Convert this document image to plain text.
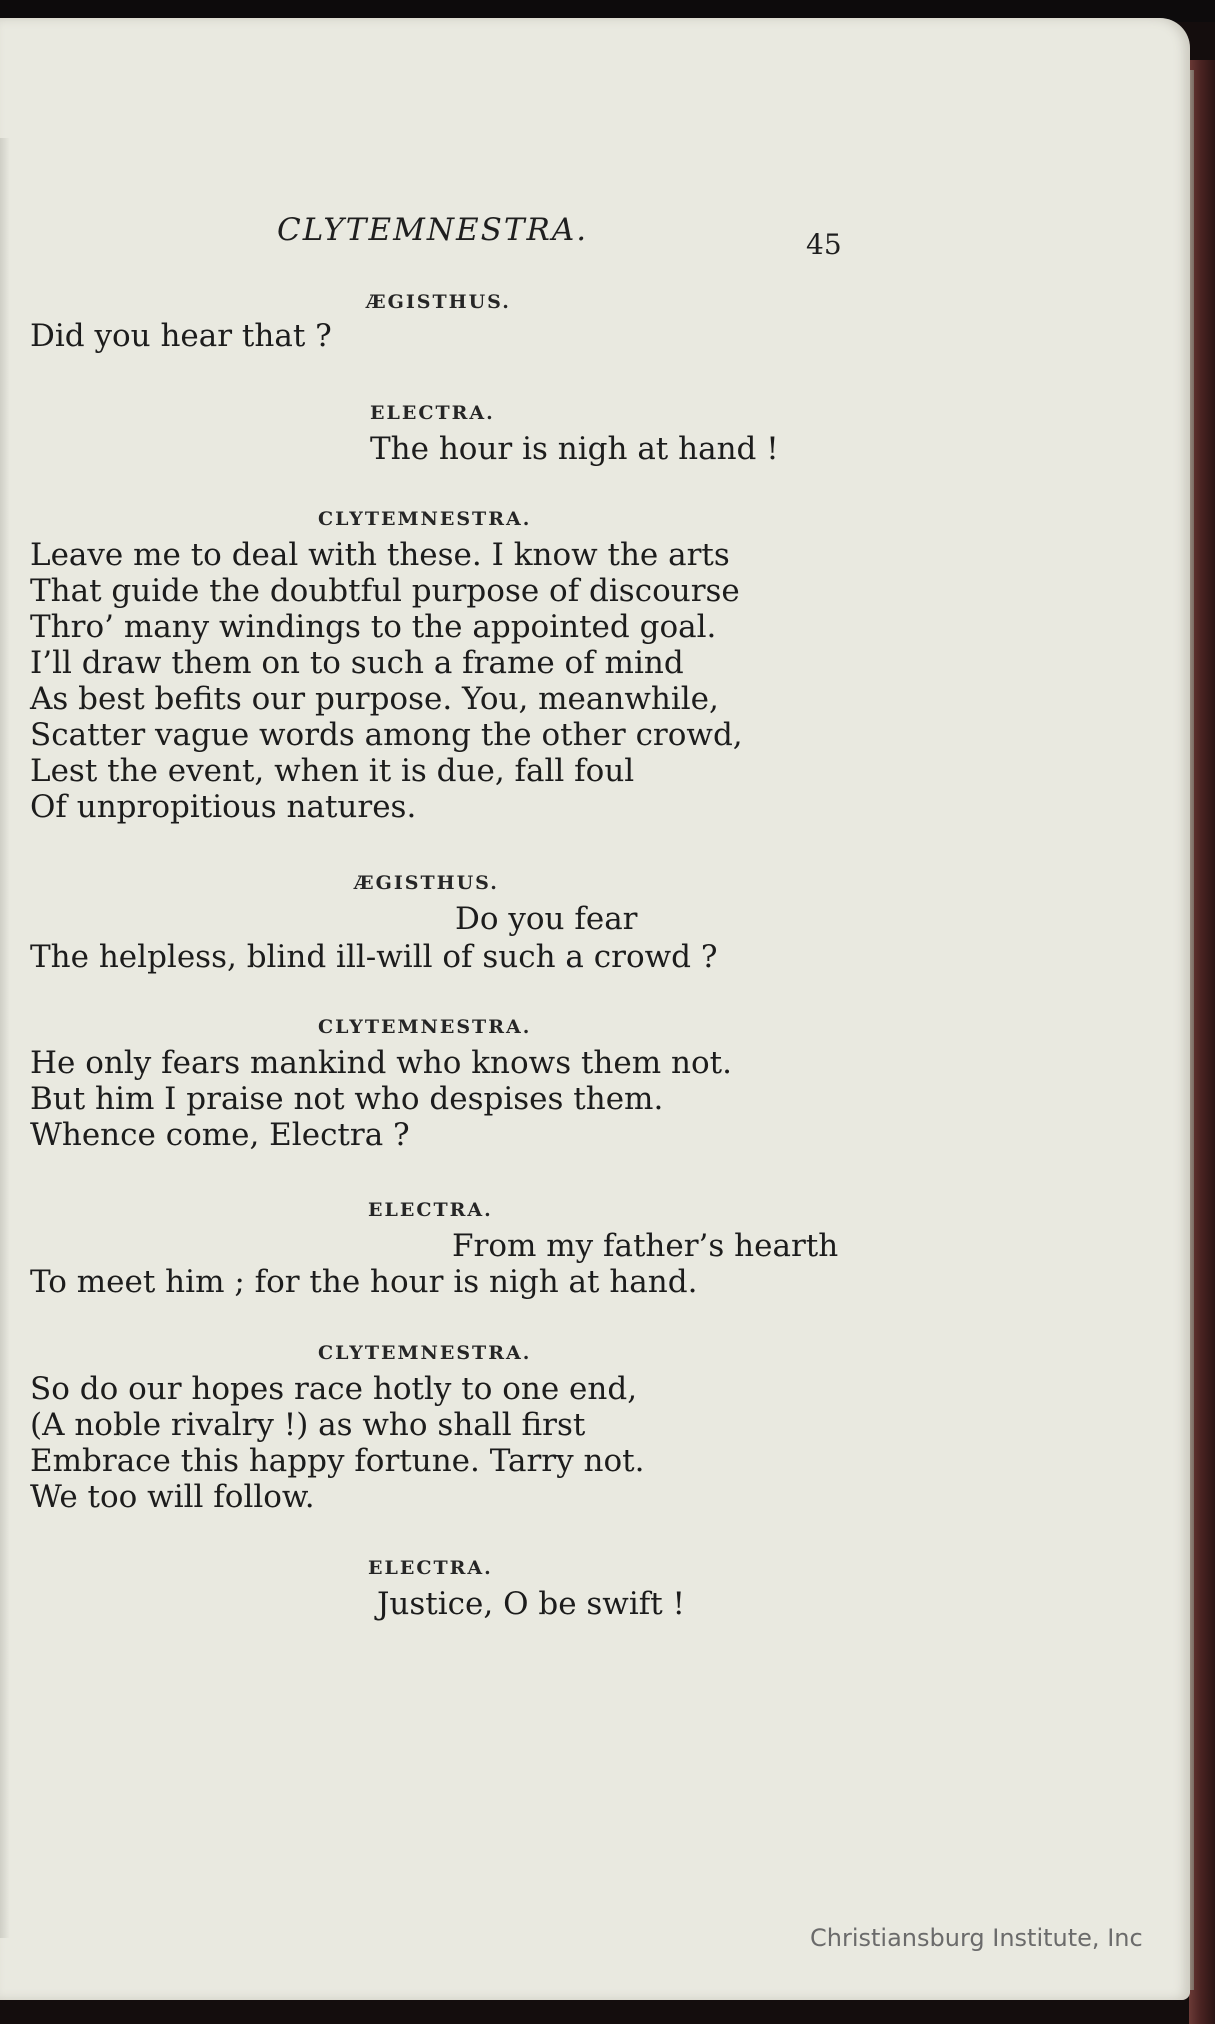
CLYTEMNESTRA.	45
ÆGISTHUS.
Did you hear that ?
ELECTRA.
The hour is nigh at hand !
CLYTEMNESTRA.
Leave me to deal with these. I know the arts
That guide the doubtful purpose of discourse
Thro’ many windings to the appointed goal.
I’ll draw them on to such a frame of mind
As best befits our purpose. You, meanwhile,
Scatter vague words among the other crowd,
Lest the event, when it is due, fall foul
Of unpropitious natures.
ÆGISTHUS.
Do you fear
The helpless, blind ill-will of such a crowd ?
CLYTEMNESTRA.
He only fears mankind who knows them not.
But him I praise not who despises them.
Whence come, Electra ?
ELECTRA.
From my father’s hearth
To meet him ; for the hour is nigh at hand.
CLYTEMNESTRA.
So do our hopes race hotly to one end,
(A noble rivalry !) as who shall first
Embrace this happy fortune. Tarry not.
We too will follow.
ELECTRA.
Justice, O be swift !
Christiansburg Institute, Inc
